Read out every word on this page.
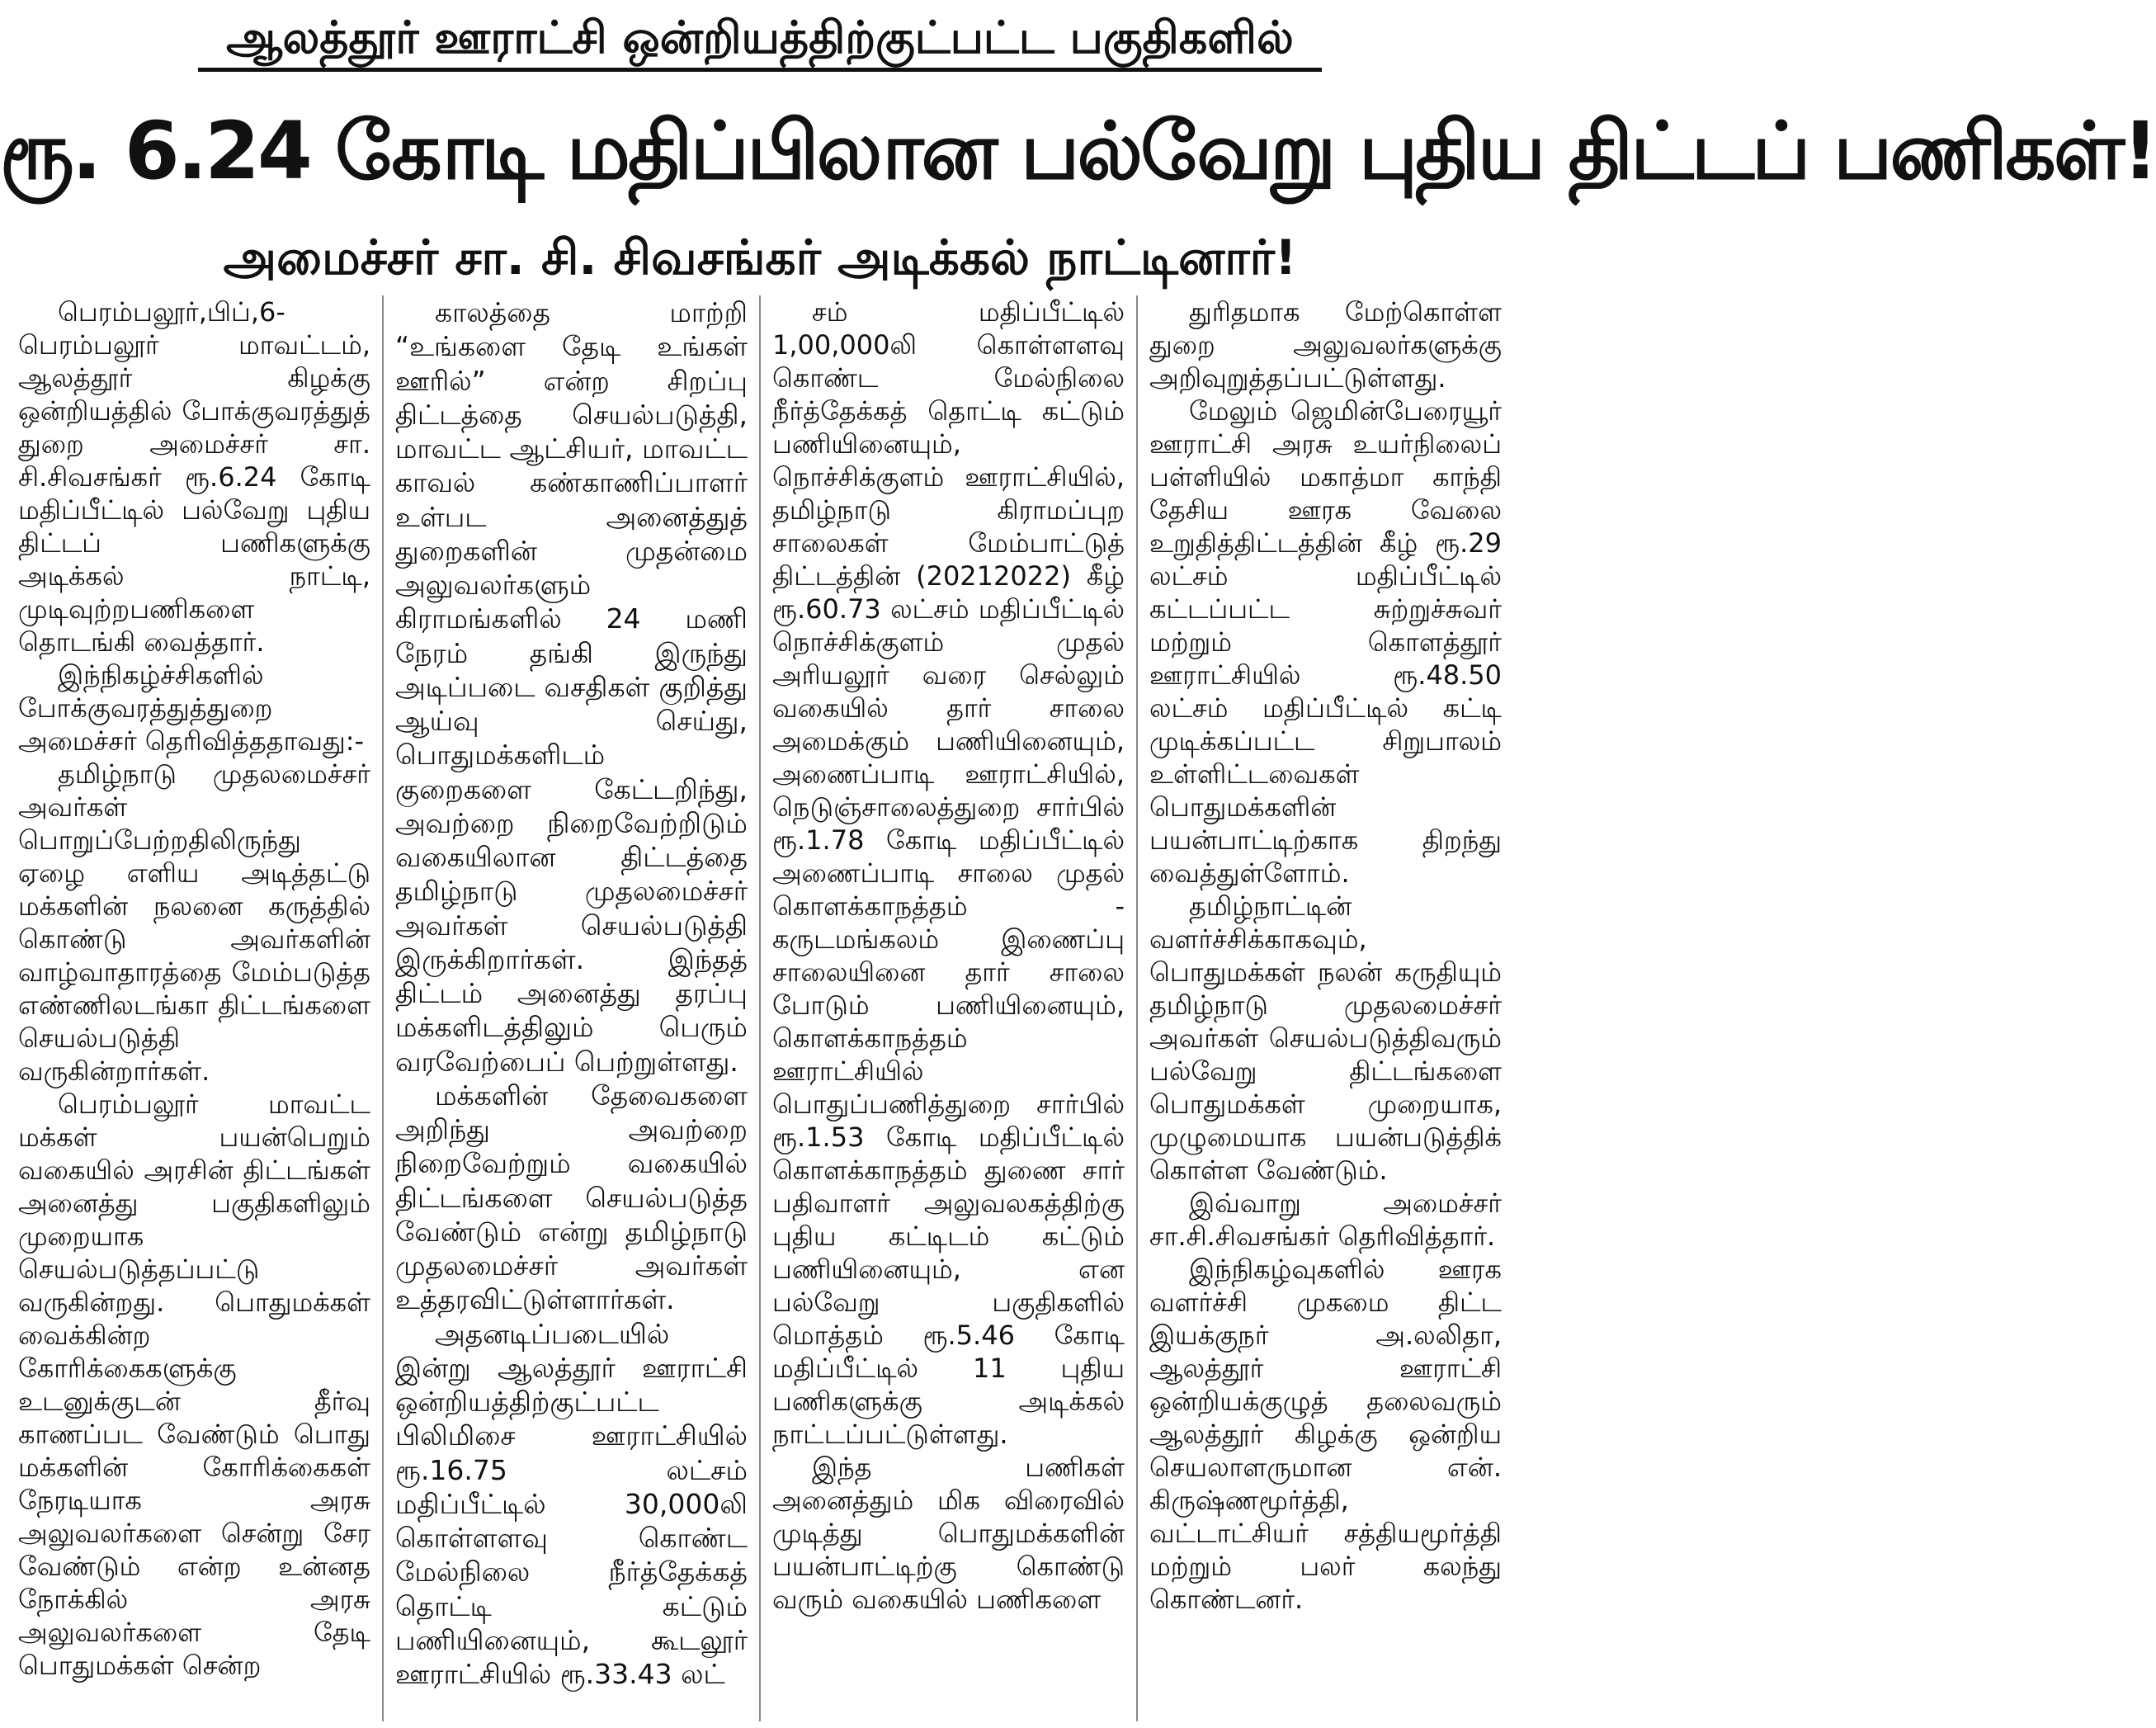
ஆலத்தூர் ஊராட்சி ஒன்றியத்திற்குட்பட்ட பகுதிகளில்
ரூ. 6.24 கோடி மதிப்பிலான பல்வேறு புதிய திட்டப் பணிகள்!
அமைச்சர் சா. சி. சிவசங்கர் அடிக்கல் நாட்டினார்!

பெரம்பலூர்,பிப்,6- பெரம்பலூர் மாவட்டம், ஆலத்தூர் கிழக்கு ஒன்றியத்தில் போக்குவரத்துத் துறை அமைச்சர் சா. சி.சிவசங்கர் ரூ.6.24 கோடி மதிப்பீட்டில் பல்வேறு புதிய திட்டப் பணிகளுக்கு அடிக்கல் நாட்டி, முடிவுற்றபணிகளை தொடங்கி வைத்தார்.

இந்நிகழ்ச்சிகளில் போக்குவரத்துத்துறை அமைச்சர் தெரிவித்ததாவது:-

தமிழ்நாடு முதலமைச்சர் அவர்கள் பொறுப்பேற்றதிலிருந்து ஏழை எளிய அடித்தட்டு மக்களின் நலனை கருத்தில் கொண்டு அவர்களின் வாழ்வாதாரத்தை மேம்படுத்த எண்ணிலடங்கா திட்டங்களை செயல்படுத்தி வருகின்றார்கள்.

பெரம்பலூர் மாவட்ட மக்கள் பயன்பெறும் வகையில் அரசின் திட்டங்கள் அனைத்து பகுதிகளிலும் முறையாக செயல்படுத்தப்பட்டு வருகின்றது. பொதுமக்கள் வைக்கின்ற கோரிக்கைகளுக்கு உடனுக்குடன் தீர்வு காணப்பட வேண்டும் பொது மக்களின் கோரிக்கைகள் நேரடியாக அரசு அலுவலர்களை சென்று சேர வேண்டும் என்ற உன்னத நோக்கில் அரசு அலுவலர்களை தேடி பொதுமக்கள் சென்ற

காலத்தை மாற்றி “உங்களை தேடி உங்கள் ஊரில்” என்ற சிறப்பு திட்டத்தை செயல்படுத்தி, மாவட்ட ஆட்சியர், மாவட்ட காவல் கண்காணிப்பாளர் உள்பட அனைத்துத் துறைகளின் முதன்மை அலுவலர்களும் கிராமங்களில் 24 மணி நேரம் தங்கி இருந்து அடிப்படை வசதிகள் குறித்து ஆய்வு செய்து, பொதுமக்களிடம் குறைகளை கேட்டறிந்து, அவற்றை நிறைவேற்றிடும் வகையிலான திட்டத்தை தமிழ்நாடு முதலமைச்சர் அவர்கள் செயல்படுத்தி இருக்கிறார்கள். இந்தத் திட்டம் அனைத்து தரப்பு மக்களிடத்திலும் பெரும் வரவேற்பைப் பெற்றுள்ளது.

மக்களின் தேவைகளை அறிந்து அவற்றை நிறைவேற்றும் வகையில் திட்டங்களை செயல்படுத்த வேண்டும் என்று தமிழ்நாடு முதலமைச்சர் அவர்கள் உத்தரவிட்டுள்ளார்கள்.

அதனடிப்படையில் இன்று ஆலத்தூர் ஊராட்சி ஒன்றியத்திற்குட்பட்ட பிலிமிசை ஊராட்சியில் ரூ.16.75 லட்சம் மதிப்பீட்டில் 30,000லி கொள்ளளவு கொண்ட மேல்நிலை நீர்த்தேக்கத் தொட்டி கட்டும் பணியினையும், கூடலூர் ஊராட்சியில் ரூ.33.43 லட்

சம் மதிப்பீட்டில் 1,00,000லி கொள்ளளவு கொண்ட மேல்நிலை நீர்த்தேக்கத் தொட்டி கட்டும் பணியினையும், நொச்சிக்குளம் ஊராட்சியில், தமிழ்நாடு கிராமப்புற சாலைகள் மேம்பாட்டுத் திட்டத்தின் (20212022) கீழ் ரூ.60.73 லட்சம் மதிப்பீட்டில் நொச்சிக்குளம் முதல் அரியலூர் வரை செல்லும் வகையில் தார் சாலை அமைக்கும் பணியினையும், அணைப்பாடி ஊராட்சியில், நெடுஞ்சாலைத்துறை சார்பில் ரூ.1.78 கோடி மதிப்பீட்டில் அணைப்பாடி சாலை முதல் கொளக்காநத்தம் - கருடமங்கலம் இணைப்பு சாலையினை தார் சாலை போடும் பணியினையும், கொளக்காநத்தம் ஊராட்சியில் பொதுப்பணித்துறை சார்பில் ரூ.1.53 கோடி மதிப்பீட்டில் கொளக்காநத்தம் துணை சார் பதிவாளர் அலுவலகத்திற்கு புதிய கட்டிடம் கட்டும் பணியினையும், என பல்வேறு பகுதிகளில் மொத்தம் ரூ.5.46 கோடி மதிப்பீட்டில் 11 புதிய பணிகளுக்கு அடிக்கல் நாட்டப்பட்டுள்ளது.

இந்த பணிகள் அனைத்தும் மிக விரைவில் முடித்து பொதுமக்களின் பயன்பாட்டிற்கு கொண்டு வரும் வகையில் பணிகளை

துரிதமாக மேற்கொள்ள துறை அலுவலர்களுக்கு அறிவுறுத்தப்பட்டுள்ளது.

மேலும் ஜெமின்பேரையூர் ஊராட்சி அரசு உயர்நிலைப் பள்ளியில் மகாத்மா காந்தி தேசிய ஊரக வேலை உறுதித்திட்டத்தின் கீழ் ரூ.29 லட்சம் மதிப்பீட்டில் கட்டப்பட்ட சுற்றுச்சுவர் மற்றும் கொளத்தூர் ஊராட்சியில் ரூ.48.50 லட்சம் மதிப்பீட்டில் கட்டி முடிக்கப்பட்ட சிறுபாலம் உள்ளிட்டவைகள் பொதுமக்களின் பயன்பாட்டிற்காக திறந்து வைத்துள்ளோம்.

தமிழ்நாட்டின் வளர்ச்சிக்காகவும், பொதுமக்கள் நலன் கருதியும் தமிழ்நாடு முதலமைச்சர் அவர்கள் செயல்படுத்திவரும் பல்வேறு திட்டங்களை பொதுமக்கள் முறையாக, முழுமையாக பயன்படுத்திக் கொள்ள வேண்டும்.

இவ்வாறு அமைச்சர் சா.சி.சிவசங்கர் தெரிவித்தார்.

இந்நிகழ்வுகளில் ஊரக வளர்ச்சி முகமை திட்ட இயக்குநர் அ.லலிதா, ஆலத்தூர் ஊராட்சி ஒன்றியக்குழுத் தலைவரும் ஆலத்தூர் கிழக்கு ஒன்றிய செயலாளருமான என். கிருஷ்ணமூர்த்தி, வட்டாட்சியர் சத்தியமூர்த்தி மற்றும் பலர் கலந்து கொண்டனர்.
